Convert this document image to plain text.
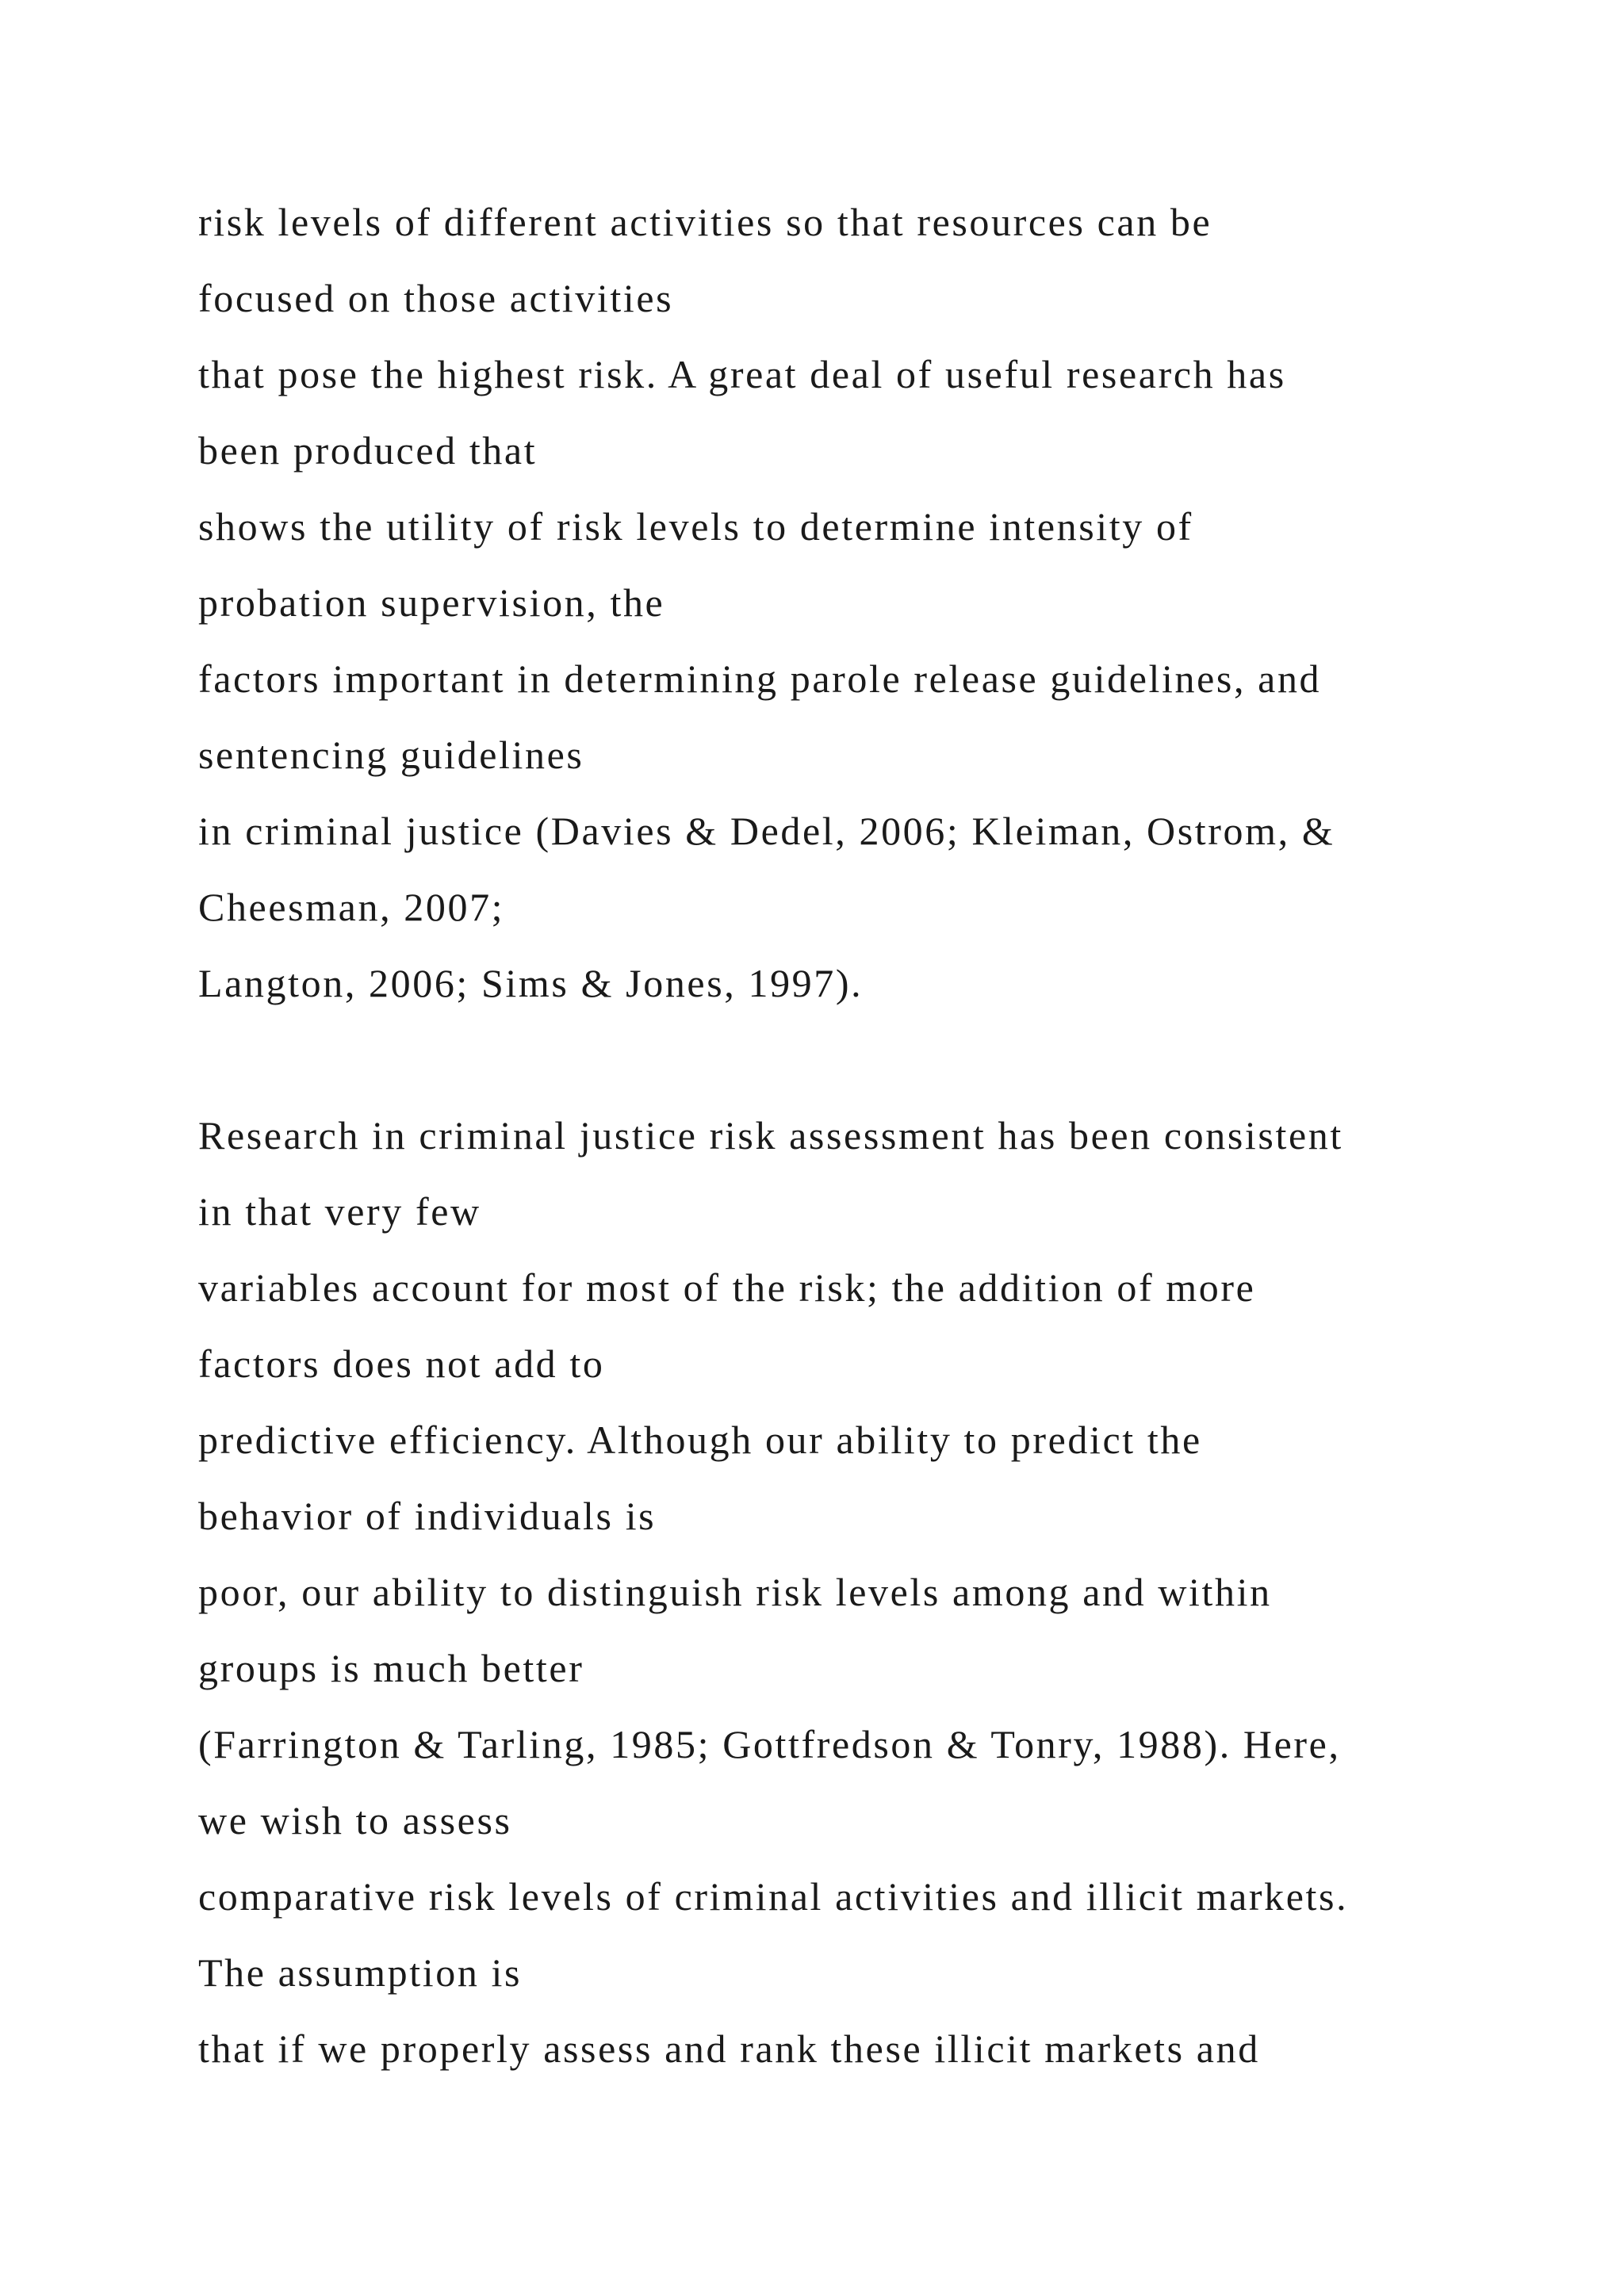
risk levels of different activities so that resources can be
focused on those activities
that pose the highest risk. A great deal of useful research has
been produced that
shows the utility of risk levels to determine intensity of
probation supervision, the
factors important in determining parole release guidelines, and
sentencing guidelines
in criminal justice (Davies & Dedel, 2006; Kleiman, Ostrom, &
Cheesman, 2007;
Langton, 2006; Sims & Jones, 1997).
Research in criminal justice risk assessment has been consistent
in that very few
variables account for most of the risk; the addition of more
factors does not add to
predictive efficiency. Although our ability to predict the
behavior of individuals is
poor, our ability to distinguish risk levels among and within
groups is much better
(Farrington & Tarling, 1985; Gottfredson & Tonry, 1988). Here,
we wish to assess
comparative risk levels of criminal activities and illicit markets.
The assumption is
that if we properly assess and rank these illicit markets and
